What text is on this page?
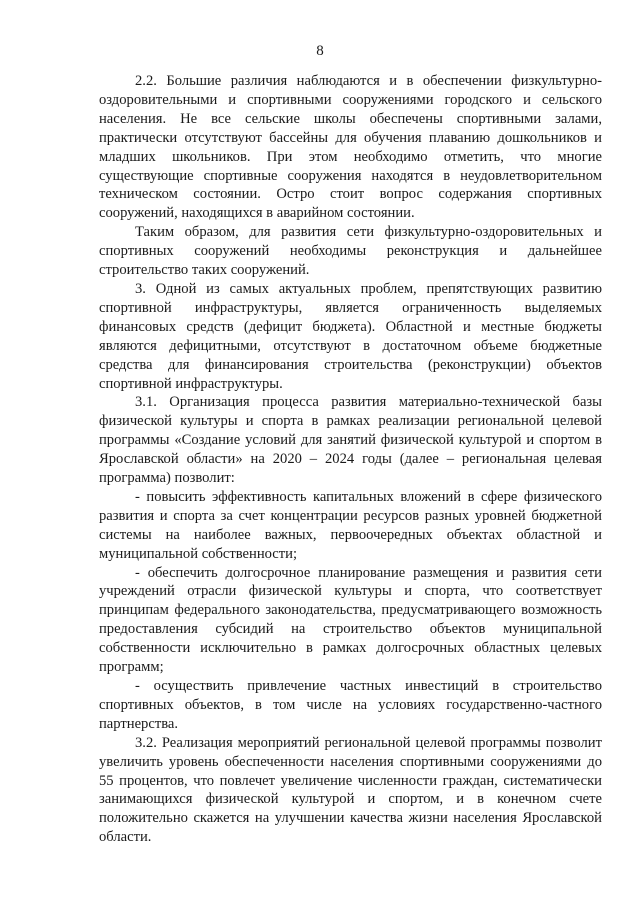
8

2.2. Большие различия наблюдаются и в обеспечении физкультурно-оздоровительными и спортивными сооружениями городского и сельского населения. Не все сельские школы обеспечены спортивными залами, практически отсутствуют бассейны для обучения плаванию дошкольников и младших школьников. При этом необходимо отметить, что многие существующие спортивные сооружения находятся в неудовлетворительном техническом состоянии. Остро стоит вопрос содержания спортивных сооружений, находящихся в аварийном состоянии.

Таким образом, для развития сети физкультурно-оздоровительных и спортивных сооружений необходимы реконструкция и дальнейшее строительство таких сооружений.

3. Одной из самых актуальных проблем, препятствующих развитию спортивной инфраструктуры, является ограниченность выделяемых финансовых средств (дефицит бюджета). Областной и местные бюджеты являются дефицитными, отсутствуют в достаточном объеме бюджетные средства для финансирования строительства (реконструкции) объектов спортивной инфраструктуры.

3.1. Организация процесса развития материально-технической базы физической культуры и спорта в рамках реализации региональной целевой программы «Создание условий для занятий физической культурой и спортом в Ярославской области» на 2020 – 2024 годы (далее – региональная целевая программа) позволит:

- повысить эффективность капитальных вложений в сфере физического развития и спорта за счет концентрации ресурсов разных уровней бюджетной системы на наиболее важных, первоочередных объектах областной и муниципальной собственности;

- обеспечить долгосрочное планирование размещения и развития сети учреждений отрасли физической культуры и спорта, что соответствует принципам федерального законодательства, предусматривающего возможность предоставления субсидий на строительство объектов муниципальной собственности исключительно в рамках долгосрочных областных целевых программ;

- осуществить привлечение частных инвестиций в строительство спортивных объектов, в том числе на условиях государственно-частного партнерства.

3.2. Реализация мероприятий региональной целевой программы позволит увеличить уровень обеспеченности населения спортивными сооружениями до 55 процентов, что повлечет увеличение численности граждан, систематически занимающихся физической культурой и спортом, и в конечном счете положительно скажется на улучшении качества жизни населения Ярославской области.
